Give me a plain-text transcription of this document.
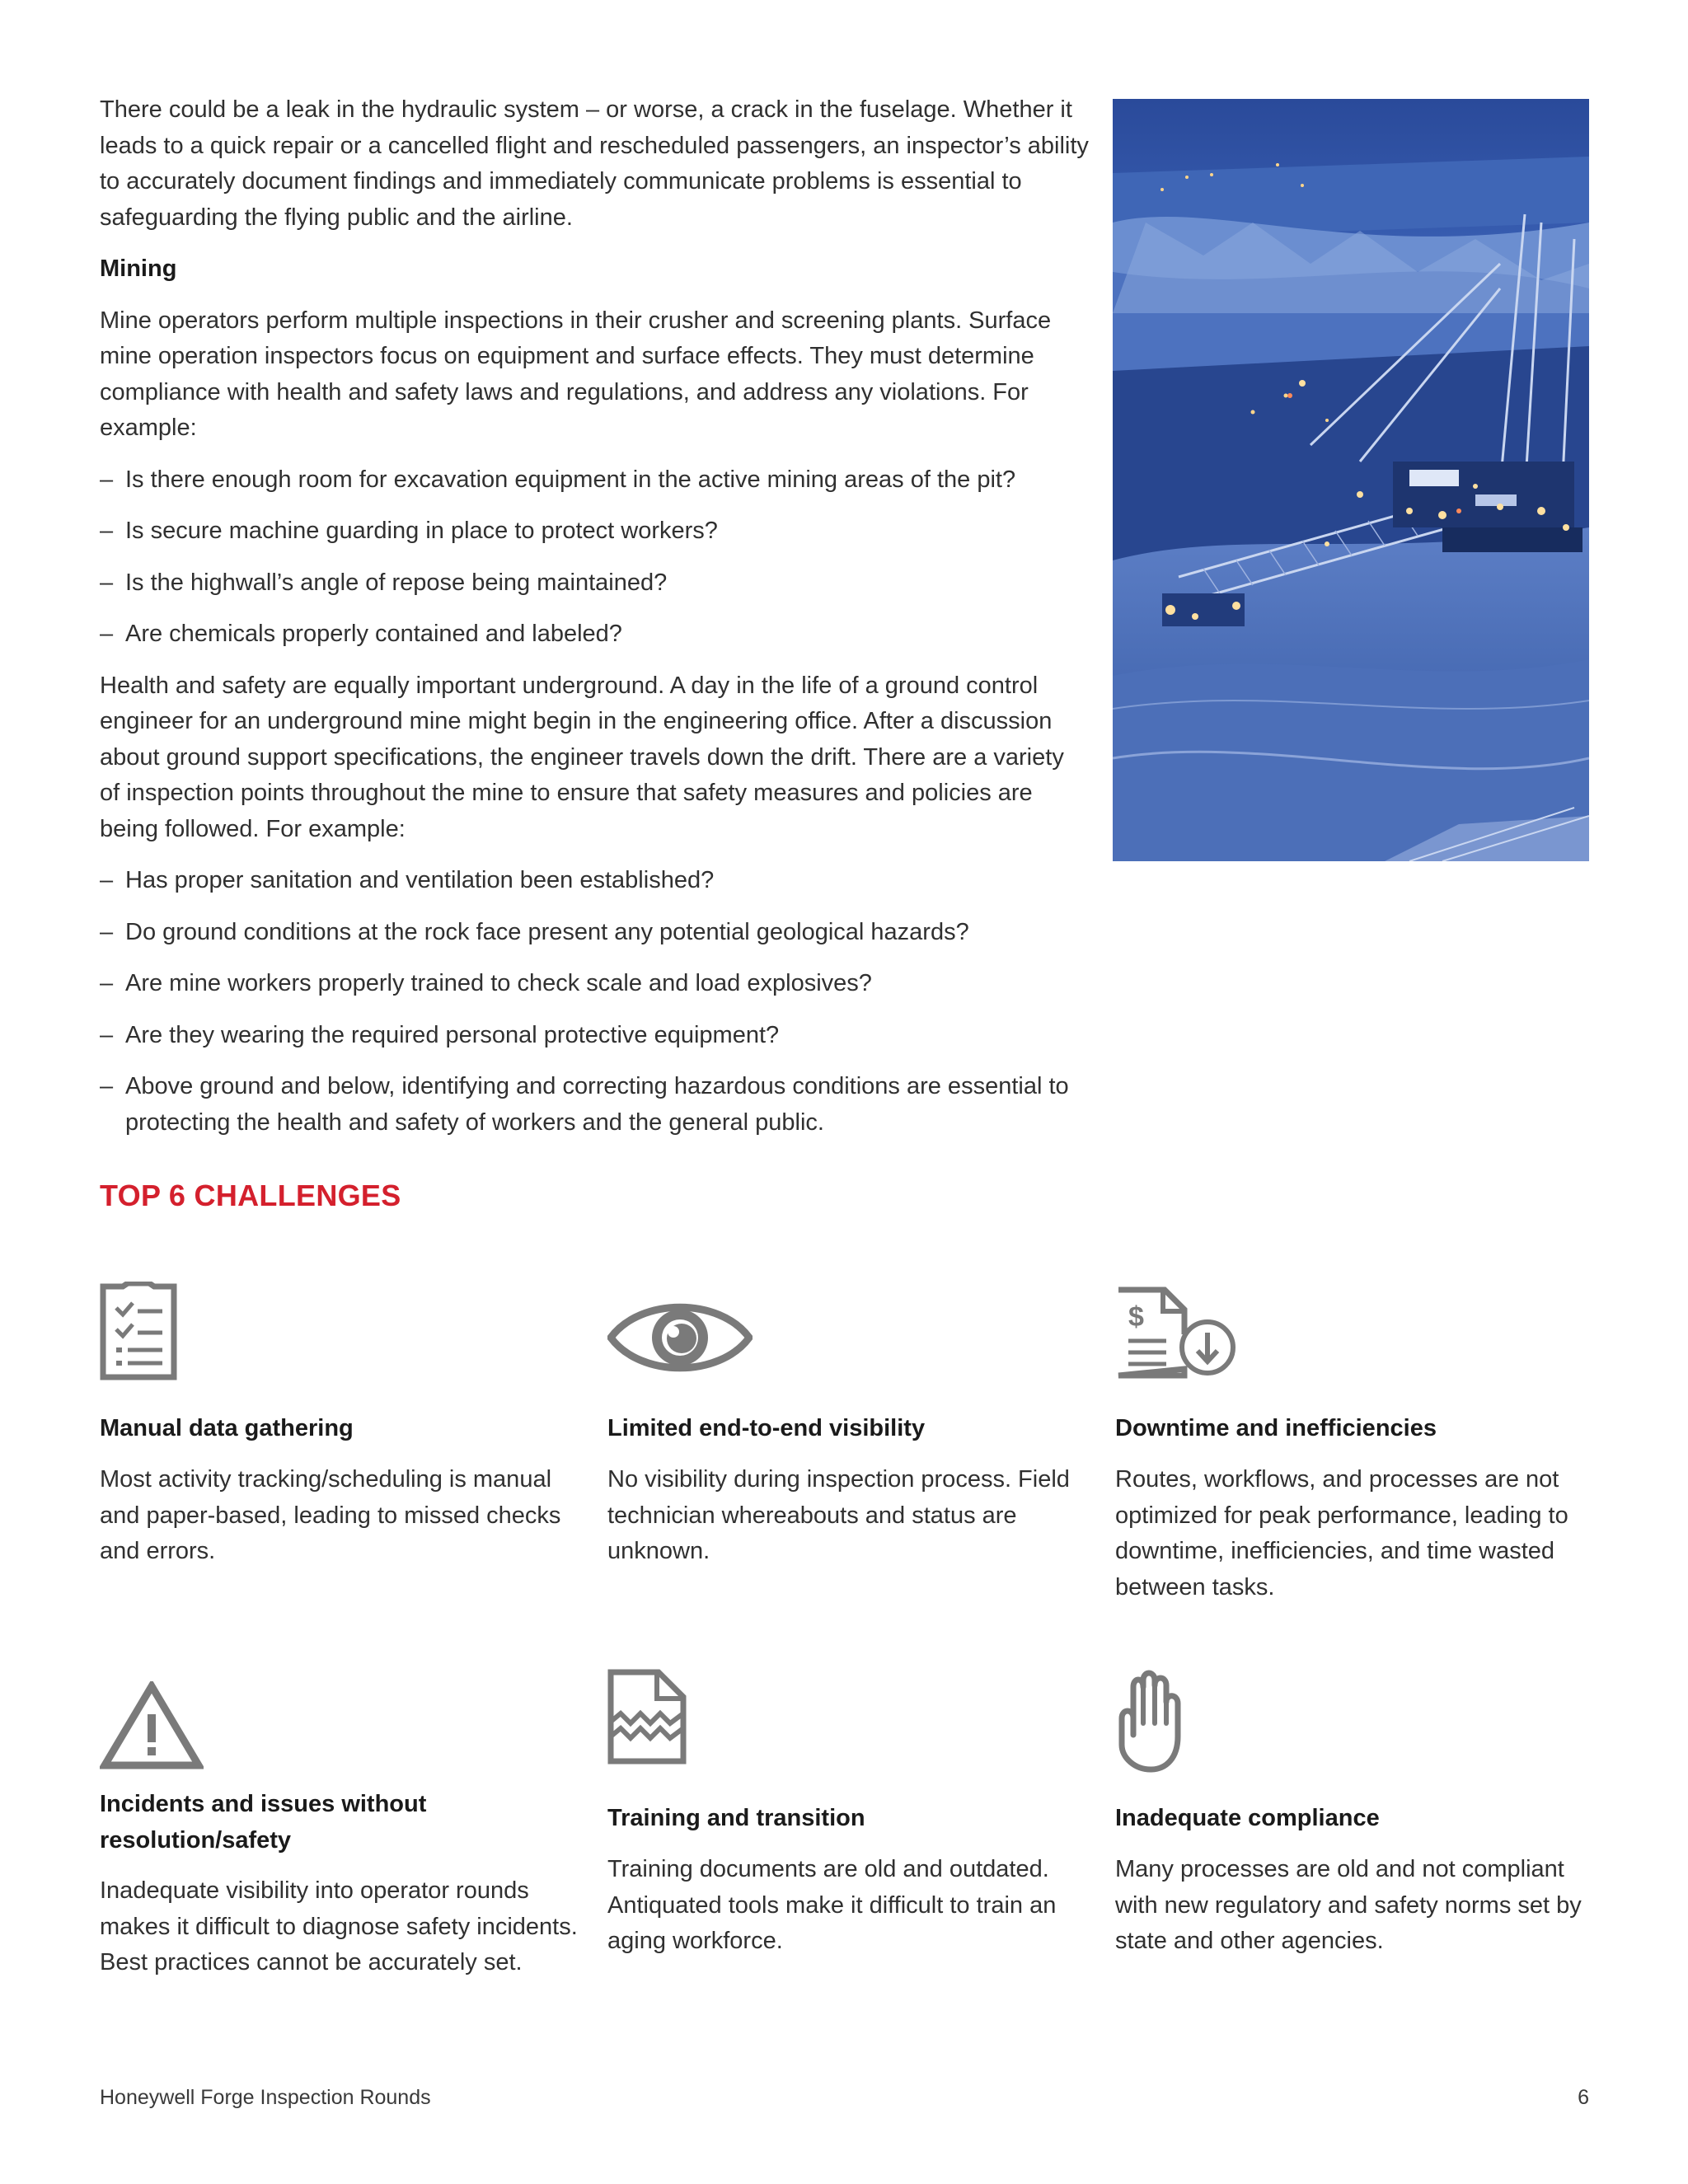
There could be a leak in the hydraulic system – or worse, a crack in the fuselage. Whether it leads to a quick repair or a cancelled flight and rescheduled passengers, an inspector’s ability to accurately document findings and immediately communicate problems is essential to safeguarding the flying public and the airline.

Mining

Mine operators perform multiple inspections in their crusher and screening plants. Surface mine operation inspectors focus on equipment and surface effects. They must determine compliance with health and safety laws and regulations, and address any violations. For example:

– Is there enough room for excavation equipment in the active mining areas of the pit?
– Is secure machine guarding in place to protect workers?
– Is the highwall’s angle of repose being maintained?
– Are chemicals properly contained and labeled?

Health and safety are equally important underground. A day in the life of a ground control engineer for an underground mine might begin in the engineering office. After a discussion about ground support specifications, the engineer travels down the drift. There are a variety of inspection points throughout the mine to ensure that safety measures and policies are being followed. For example:

– Has proper sanitation and ventilation been established?
– Do ground conditions at the rock face present any potential geological hazards?
– Are mine workers properly trained to check scale and load explosives?
– Are they wearing the required personal protective equipment?
– Above ground and below, identifying and correcting hazardous conditions are essential to protecting the health and safety of workers and the general public.
TOP 6 CHALLENGES
Manual data gathering
Most activity tracking/scheduling is manual and paper-based, leading to missed checks and errors.
Limited end-to-end visibility
No visibility during inspection process. Field technician whereabouts and status are unknown.
$
Downtime and inefficiencies
Routes, workflows, and processes are not optimized for peak performance, leading to downtime, inefficiencies, and time wasted between tasks.
Incidents and issues without resolution/safety
Inadequate visibility into operator rounds makes it difficult to diagnose safety incidents. Best practices cannot be accurately set.
Training and transition
Training documents are old and outdated. Antiquated tools make it difficult to train an aging workforce.
Inadequate compliance
Many processes are old and not compliant with new regulatory and safety norms set by state and other agencies.
Honeywell Forge Inspection Rounds	6
